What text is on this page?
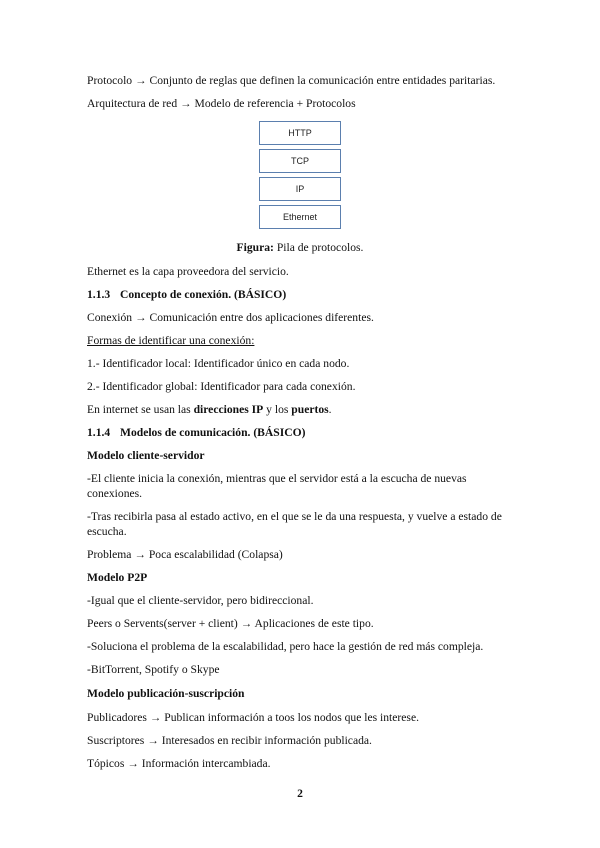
Protocolo → Conjunto de reglas que definen la comunicación entre entidades paritarias.
Arquitectura de red → Modelo de referencia + Protocolos
HTTP
TCP
IP
Ethernet
Figura: Pila de protocolos.
Ethernet es la capa proveedora del servicio.
1.1.3 Concepto de conexión. (BÁSICO)
Conexión → Comunicación entre dos aplicaciones diferentes.
Formas de identificar una conexión:
1.- Identificador local: Identificador único en cada nodo.
2.- Identificador global: Identificador para cada conexión.
En internet se usan las direcciones IP y los puertos.
1.1.4 Modelos de comunicación. (BÁSICO)
Modelo cliente-servidor
-El cliente inicia la conexión, mientras que el servidor está a la escucha de nuevas conexiones.
-Tras recibirla pasa al estado activo, en el que se le da una respuesta, y vuelve a estado de escucha.
Problema → Poca escalabilidad (Colapsa)
Modelo P2P
-Igual que el cliente-servidor, pero bidireccional.
Peers o Servents(server + client) → Aplicaciones de este tipo.
-Soluciona el problema de la escalabilidad, pero hace la gestión de red más compleja.
-BitTorrent, Spotify o Skype
Modelo publicación-suscripción
Publicadores → Publican información a toos los nodos que les interese.
Suscriptores → Interesados en recibir información publicada.
Tópicos → Información intercambiada.
2
